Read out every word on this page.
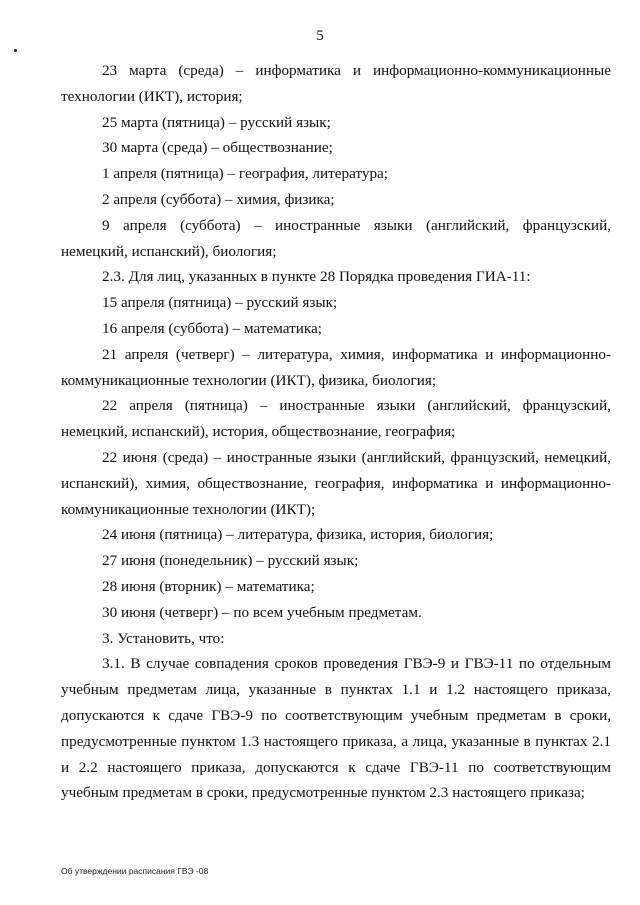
5

23 марта (среда) – информатика и информационно-коммуникационные технологии (ИКТ), история;

25 марта (пятница) – русский язык;

30 марта (среда) – обществознание;

1 апреля (пятница) – география, литература;

2 апреля (суббота) – химия, физика;

9 апреля (суббота) – иностранные языки (английский, французский, немецкий, испанский), биология;

2.3. Для лиц, указанных в пункте 28 Порядка проведения ГИА-11:

15 апреля (пятница) – русский язык;

16 апреля (суббота) – математика;

21 апреля (четверг) – литература, химия, информатика и информационно-коммуникационные технологии (ИКТ), физика, биология;

22 апреля (пятница) – иностранные языки (английский, французский, немецкий, испанский), история, обществознание, география;

22 июня (среда) – иностранные языки (английский, французский, немецкий, испанский), химия, обществознание, география, информатика и информационно-коммуникационные технологии (ИКТ);

24 июня (пятница) – литература, физика, история, биология;

27 июня (понедельник) – русский язык;

28 июня (вторник) – математика;

30 июня (четверг) – по всем учебным предметам.

3. Установить, что:

3.1. В случае совпадения сроков проведения ГВЭ-9 и ГВЭ-11 по отдельным учебным предметам лица, указанные в пунктах 1.1 и 1.2 настоящего приказа, допускаются к сдаче ГВЭ-9 по соответствующим учебным предметам в сроки, предусмотренные пунктом 1.3 настоящего приказа, а лица, указанные в пунктах 2.1 и 2.2 настоящего приказа, допускаются к сдаче ГВЭ-11 по соответствующим учебным предметам в сроки, предусмотренные пунктом 2.3 настоящего приказа;

Об утверждении расписания ГВЭ -08
